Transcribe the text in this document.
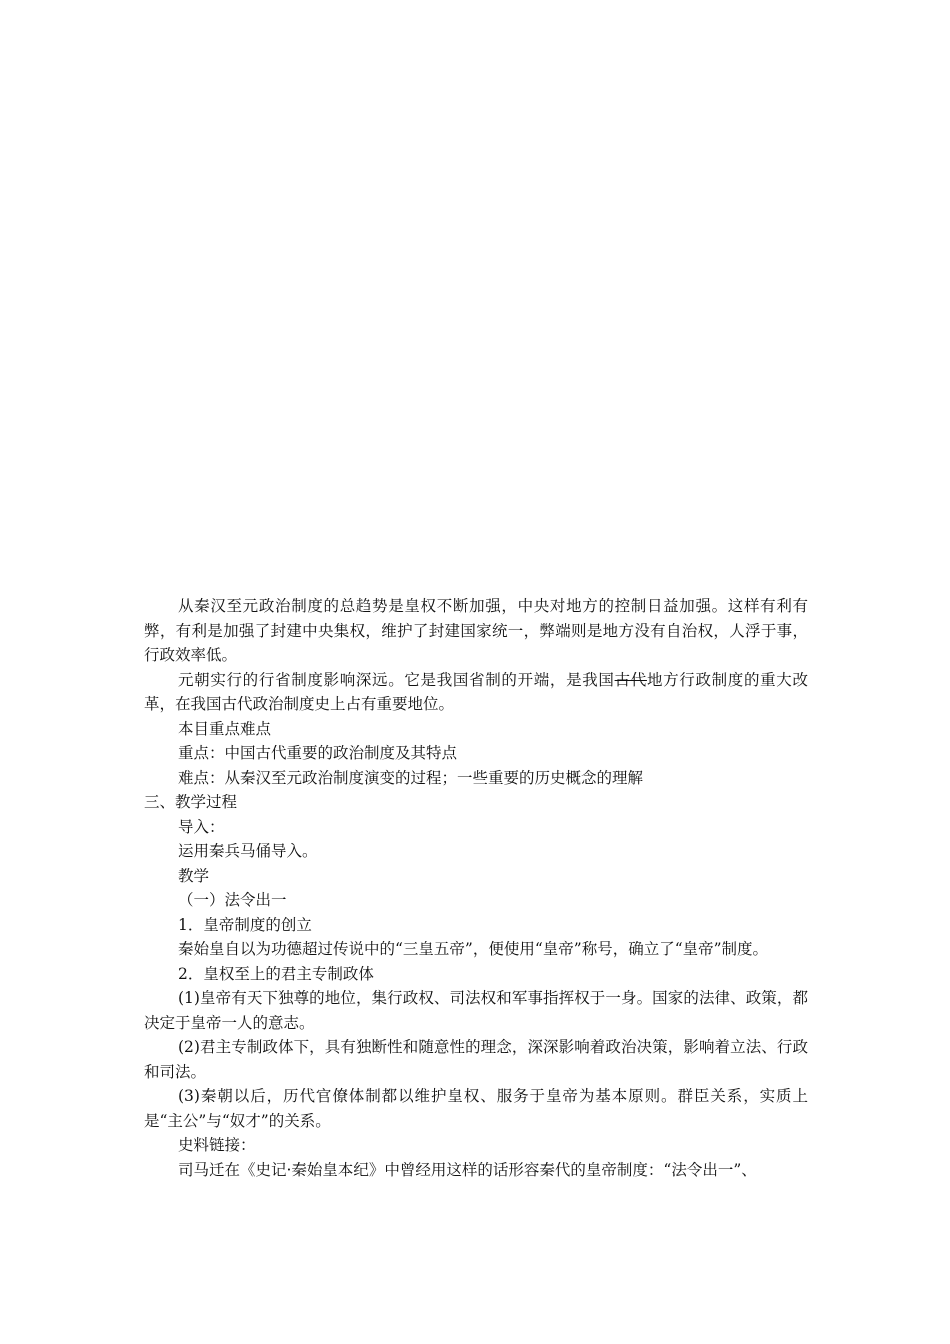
从秦汉至元政治制度的总趋势是皇权不断加强，中央对地方的控制日益加强。这样有利有弊，有利是加强了封建中央集权，维护了封建国家统一，弊端则是地方没有自治权，人浮于事，行政效率低。

元朝实行的行省制度影响深远。它是我国省制的开端，是我国古代地方行政制度的重大改革，在我国古代政治制度史上占有重要地位。

本目重点难点

重点：中国古代重要的政治制度及其特点

难点：从秦汉至元政治制度演变的过程；一些重要的历史概念的理解

三、教学过程

导入：

运用秦兵马俑导入。

教学

（一）法令出一

1．皇帝制度的创立

秦始皇自以为功德超过传说中的“三皇五帝”，便使用“皇帝”称号，确立了“皇帝”制度。

2．皇权至上的君主专制政体

(1)皇帝有天下独尊的地位，集行政权、司法权和军事指挥权于一身。国家的法律、政策，都决定于皇帝一人的意志。

(2)君主专制政体下，具有独断性和随意性的理念，深深影响着政治决策，影响着立法、行政和司法。

(3)秦朝以后，历代官僚体制都以维护皇权、服务于皇帝为基本原则。群臣关系，实质上是“主公”与“奴才”的关系。

史料链接：

司马迁在《史记·秦始皇本纪》中曾经用这样的话形容秦代的皇帝制度：“法令出一”、
